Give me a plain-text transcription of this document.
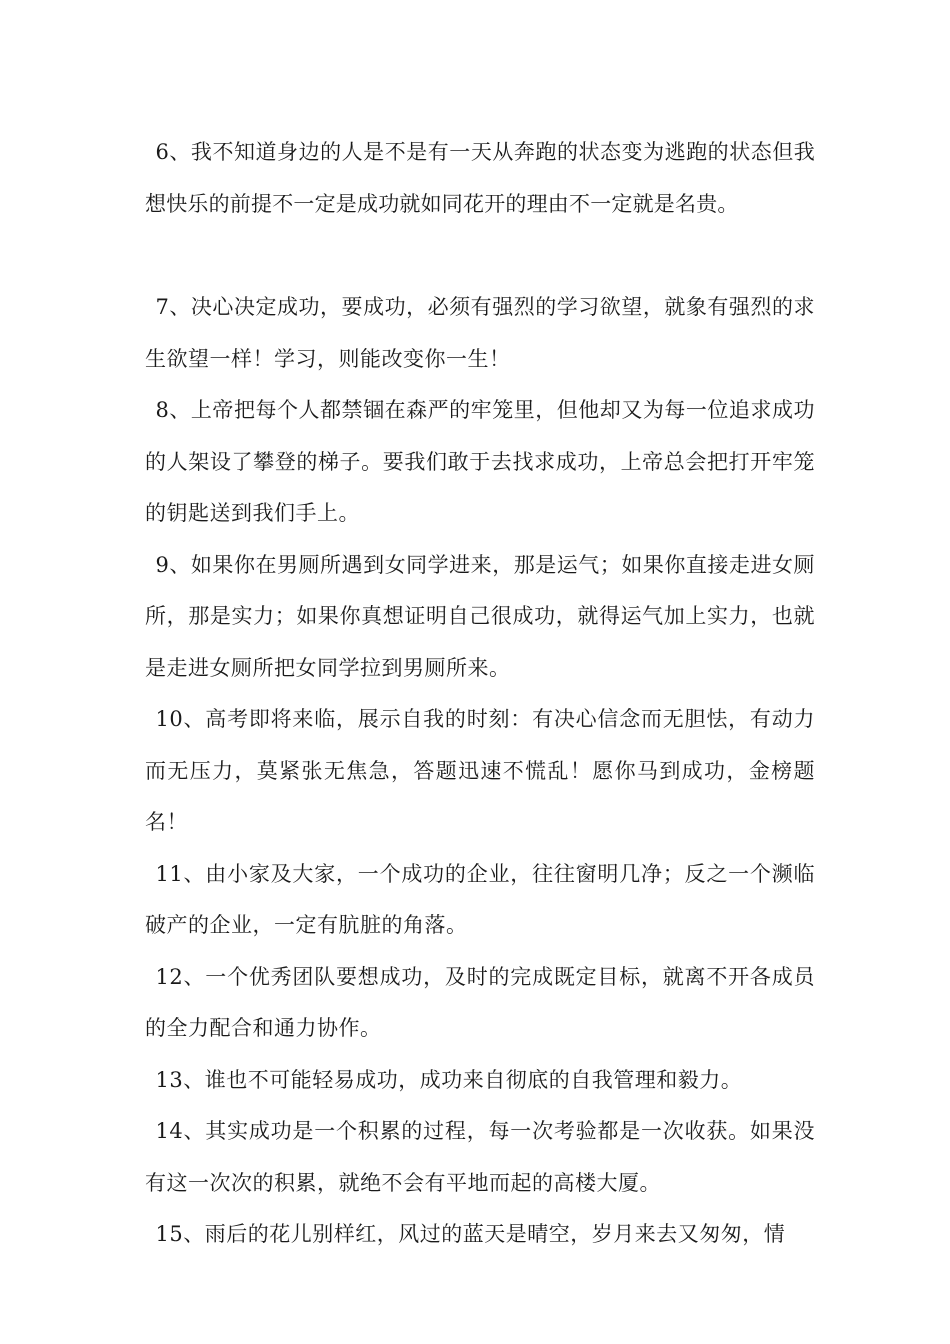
6、我不知道身边的人是不是有一天从奔跑的状态变为逃跑的状态但我想快乐的前提不一定是成功就如同花开的理由不一定就是名贵。

7、决心决定成功，要成功，必须有强烈的学习欲望，就象有强烈的求生欲望一样！学习，则能改变你一生！

8、上帝把每个人都禁锢在森严的牢笼里，但他却又为每一位追求成功的人架设了攀登的梯子。要我们敢于去找求成功，上帝总会把打开牢笼的钥匙送到我们手上。

9、如果你在男厕所遇到女同学进来，那是运气；如果你直接走进女厕所，那是实力；如果你真想证明自己很成功，就得运气加上实力，也就是走进女厕所把女同学拉到男厕所来。

10、高考即将来临，展示自我的时刻：有决心信念而无胆怯，有动力而无压力，莫紧张无焦急，答题迅速不慌乱！愿你马到成功，金榜题名！

11、由小家及大家，一个成功的企业，往往窗明几净；反之一个濒临破产的企业，一定有肮脏的角落。

12、一个优秀团队要想成功，及时的完成既定目标，就离不开各成员的全力配合和通力协作。

13、谁也不可能轻易成功，成功来自彻底的自我管理和毅力。

14、其实成功是一个积累的过程，每一次考验都是一次收获。如果没有这一次次的积累，就绝不会有平地而起的高楼大厦。

15、雨后的花儿别样红，风过的蓝天是晴空，岁月来去又匆匆，情
